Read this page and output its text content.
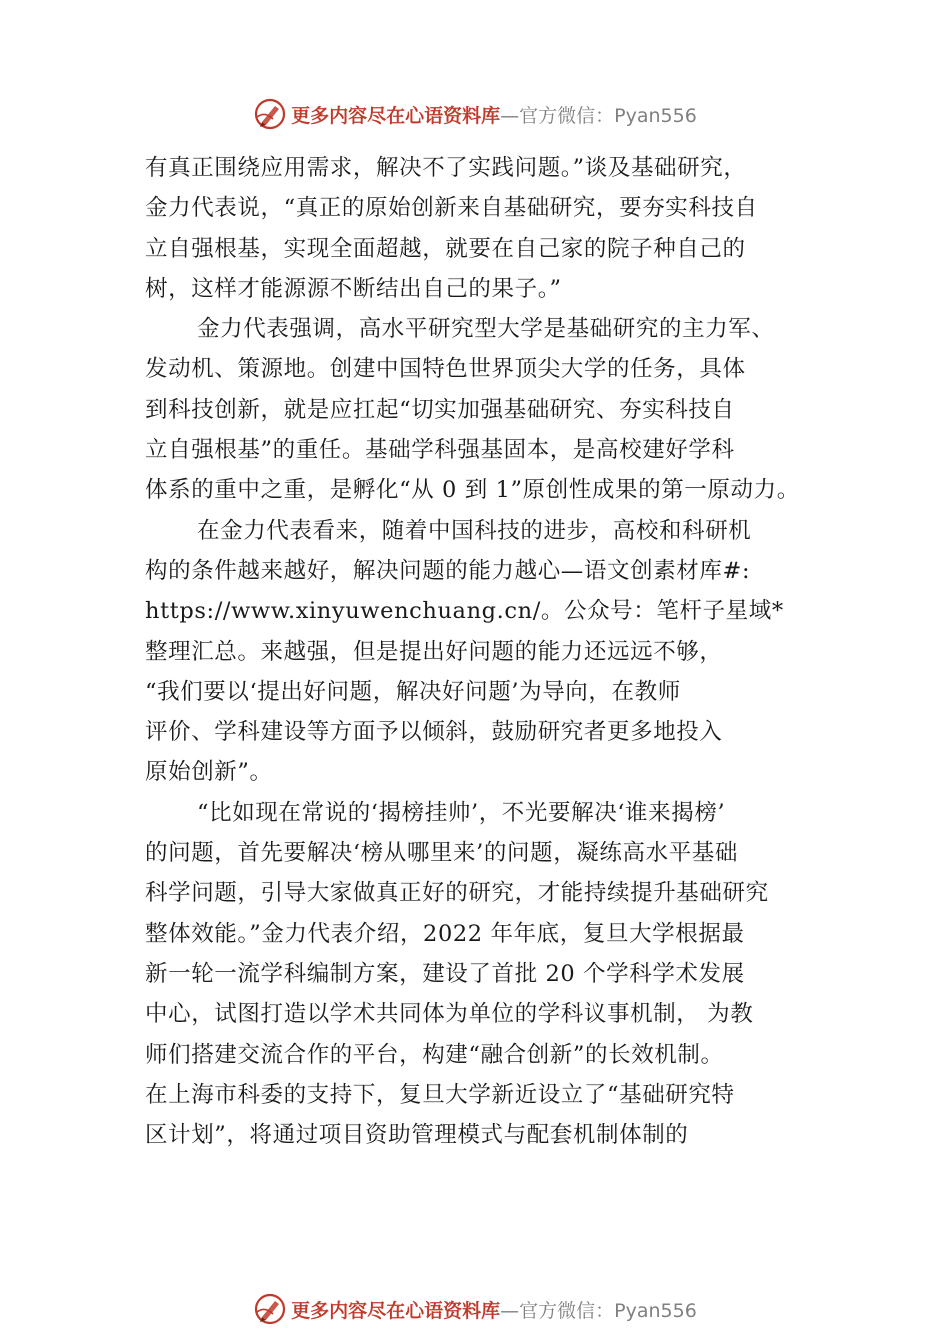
更多内容尽在心语资料库 —官方微信：Pyan556
有真正围绕应用需求，解决不了实践问题。”谈及基础研究，
金力代表说，“真正的原始创新来自基础研究，要夯实科技自
立自强根基，实现全面超越，就要在自己家的院子种自己的
树，这样才能源源不断结出自己的果子。”
金力代表强调，高水平研究型大学是基础研究的主力军、
发动机、策源地。创建中国特色世界顶尖大学的任务，具体
到科技创新，就是应扛起“切实加强基础研究、夯实科技自
立自强根基”的重任。基础学科强基固本，是高校建好学科
体系的重中之重，是孵化“从 0 到 1”原创性成果的第一原动力。
在金力代表看来，随着中国科技的进步，高校和科研机
构的条件越来越好，解决问题的能力越心—语文创素材库#:
https://www.xinyuwenchuang.cn/。公众号：笔杆子星域*
整理汇总。来越强，但是提出好问题的能力还远远不够，
“我们要以‘提出好问题，解决好问题’为导向，在教师
评价、学科建设等方面予以倾斜，鼓励研究者更多地投入
原始创新”。
“比如现在常说的‘揭榜挂帅’，不光要解决‘谁来揭榜’
的问题，首先要解决‘榜从哪里来’的问题，凝练高水平基础
科学问题，引导大家做真正好的研究，才能持续提升基础研究
整体效能。”金力代表介绍，2022 年年底，复旦大学根据最
新一轮一流学科编制方案，建设了首批 20 个学科学术发展
中心，试图打造以学术共同体为单位的学科议事机制， 为教
师们搭建交流合作的平台，构建“融合创新”的长效机制。
在上海市科委的支持下，复旦大学新近设立了“基础研究特
区计划”，将通过项目资助管理模式与配套机制体制的
更多内容尽在心语资料库 —官方微信：Pyan556
